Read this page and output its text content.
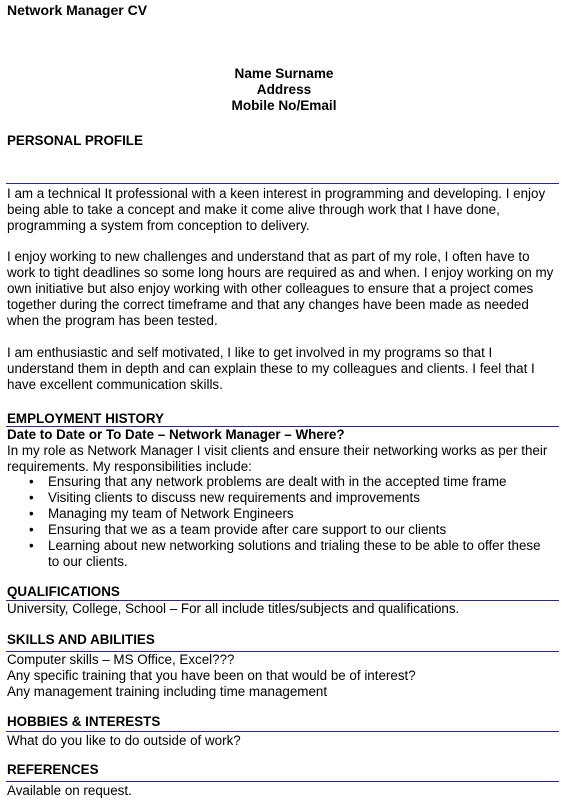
Network Manager CV
Name Surname
Address
Mobile No/Email
PERSONAL PROFILE
I am a technical It professional with a keen interest in programming and developing. I enjoy being able to take a concept and make it come alive through work that I have done, programming a system from conception to delivery.
I enjoy working to new challenges and understand that as part of my role, I often have to work to tight deadlines so some long hours are required as and when. I enjoy working on my own initiative but also enjoy working with other colleagues to ensure that a project comes together during the correct timeframe and that any changes have been made as needed when the program has been tested.
I am enthusiastic and self motivated, I like to get involved in my programs so that I understand them in depth and can explain these to my colleagues and clients. I feel that I have excellent communication skills.
EMPLOYMENT HISTORY
Date to Date or To Date – Network Manager – Where?
In my role as Network Manager I visit clients and ensure their networking works as per their requirements. My responsibilities include:
• Ensuring that any network problems are dealt with in the accepted time frame
• Visiting clients to discuss new requirements and improvements
• Managing my team of Network Engineers
• Ensuring that we as a team provide after care support to our clients
• Learning about new networking solutions and trialing these to be able to offer these to our clients.
QUALIFICATIONS
University, College, School – For all include titles/subjects and qualifications.
SKILLS AND ABILITIES
Computer skills – MS Office, Excel???
Any specific training that you have been on that would be of interest?
Any management training including time management
HOBBIES & INTERESTS
What do you like to do outside of work?
REFERENCES
Available on request.
